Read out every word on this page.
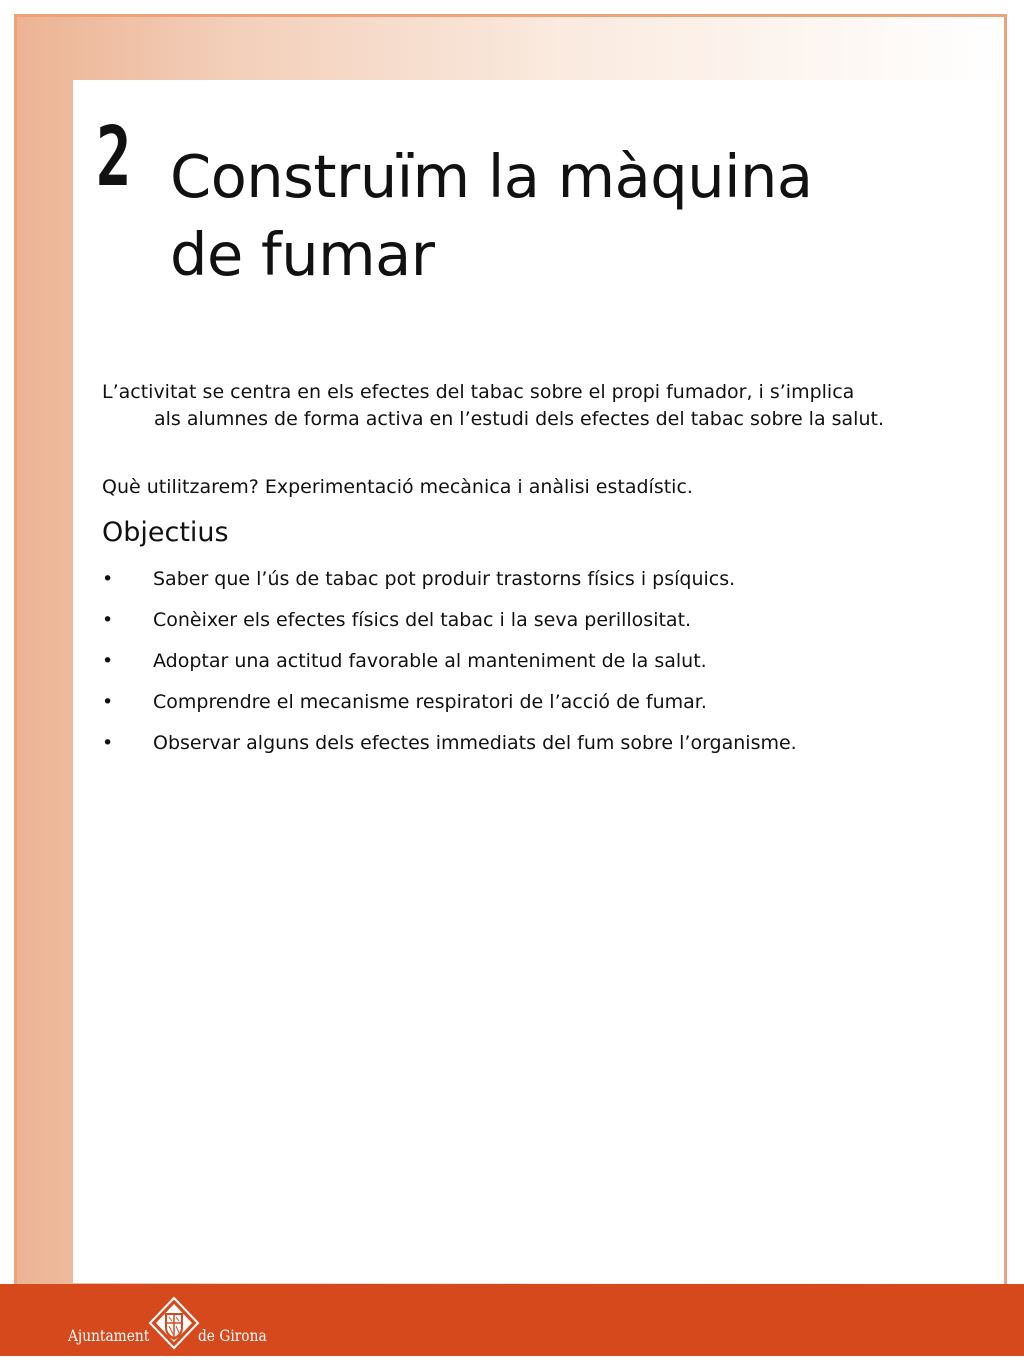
2 Construïm la màquina
de fumar

L’activitat se centra en els efectes del tabac sobre el propi fumador, i s’implica als alumnes de forma activa en l’estudi dels efectes del tabac sobre la salut.

Què utilitzarem? Experimentació mecànica i anàlisi estadístic.

Objectius
• Saber que l’ús de tabac pot produir trastorns físics i psíquics.
• Conèixer els efectes físics del tabac i la seva perillositat.
• Adoptar una actitud favorable al manteniment de la salut.
• Comprendre el mecanisme respiratori de l’acció de fumar.
• Observar alguns dels efectes immediats del fum sobre l’organisme.
Ajuntament	de Girona
